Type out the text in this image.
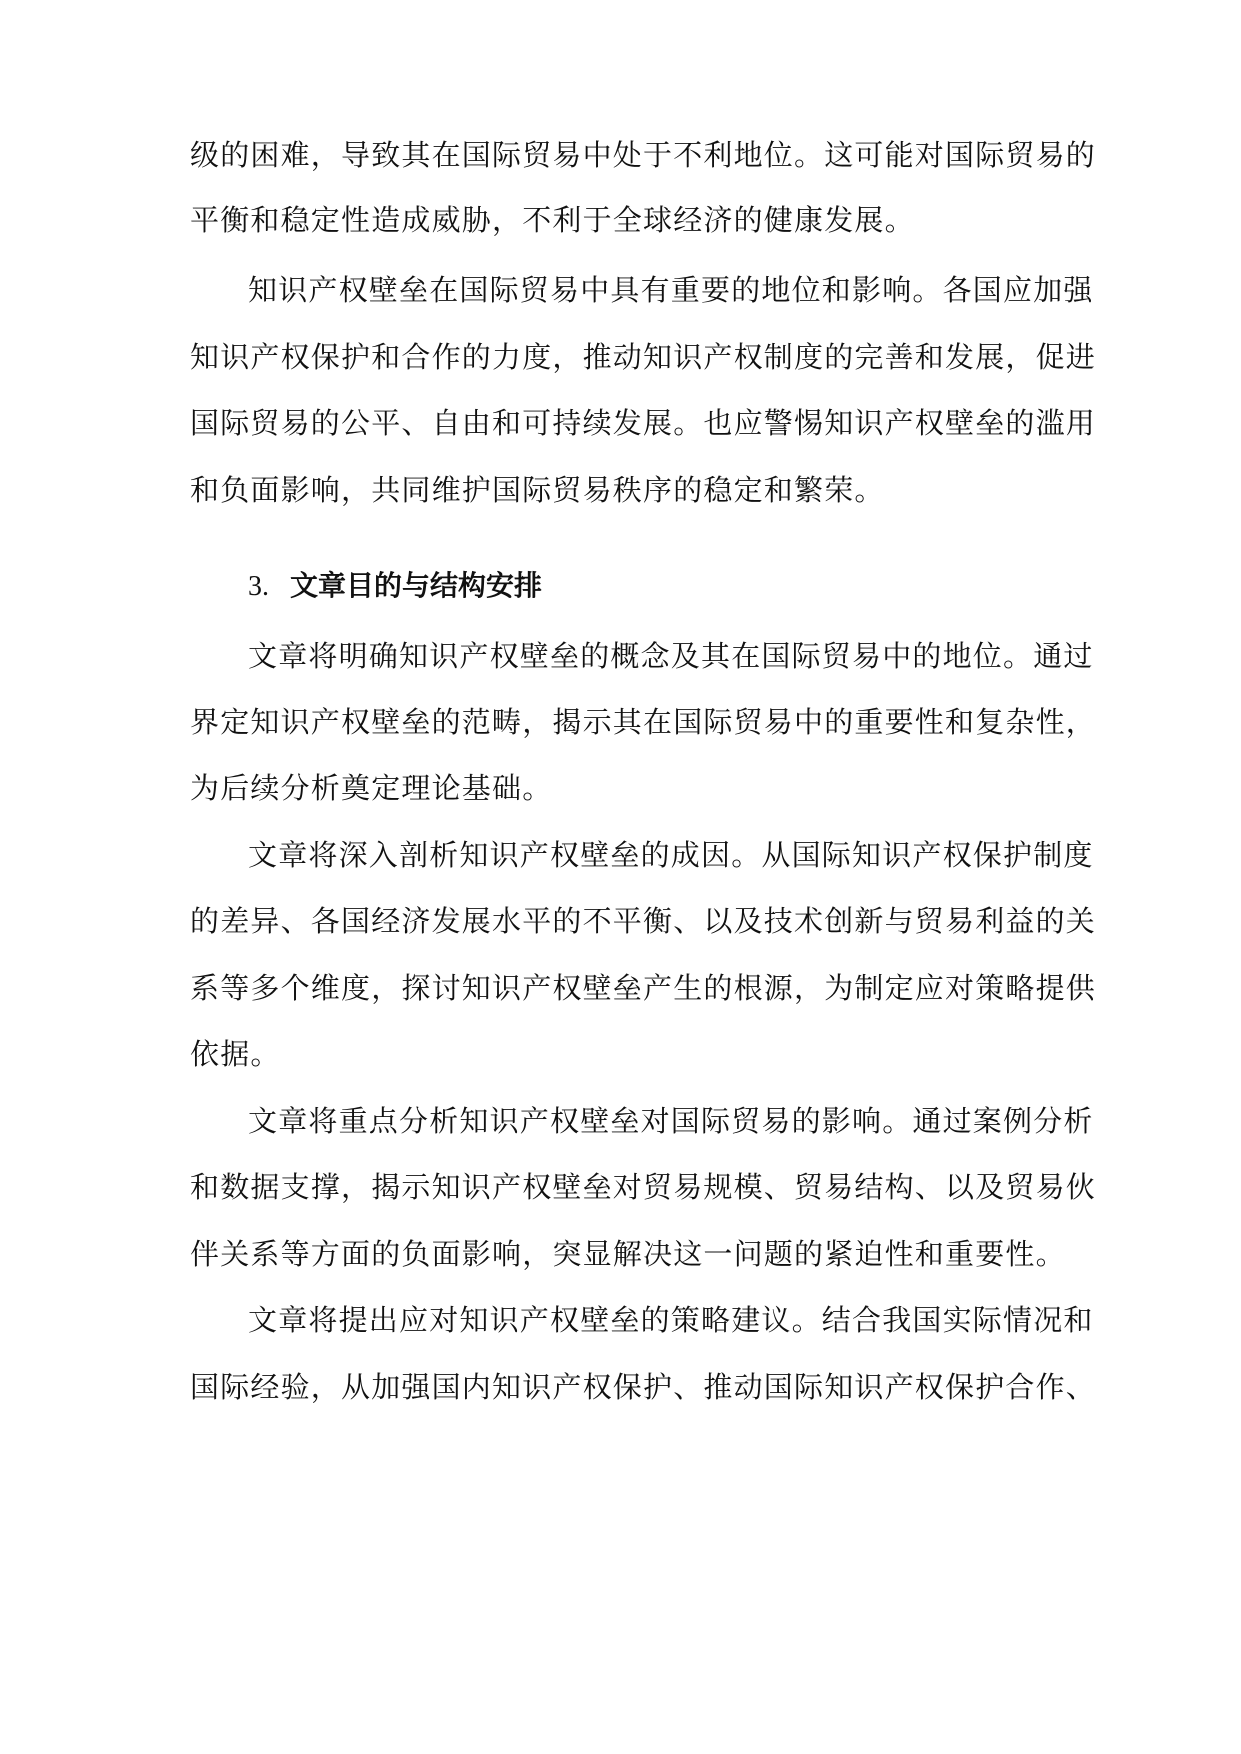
级的困难，导致其在国际贸易中处于不利地位。这可能对国际贸易的
平衡和稳定性造成威胁，不利于全球经济的健康发展。
知识产权壁垒在国际贸易中具有重要的地位和影响。各国应加强
知识产权保护和合作的力度，推动知识产权制度的完善和发展，促进
国际贸易的公平、自由和可持续发展。也应警惕知识产权壁垒的滥用
和负面影响，共同维护国际贸易秩序的稳定和繁荣。
3. 文章目的与结构安排
文章将明确知识产权壁垒的概念及其在国际贸易中的地位。通过
界定知识产权壁垒的范畴，揭示其在国际贸易中的重要性和复杂性，
为后续分析奠定理论基础。
文章将深入剖析知识产权壁垒的成因。从国际知识产权保护制度
的差异、各国经济发展水平的不平衡、以及技术创新与贸易利益的关
系等多个维度，探讨知识产权壁垒产生的根源，为制定应对策略提供
依据。
文章将重点分析知识产权壁垒对国际贸易的影响。通过案例分析
和数据支撑，揭示知识产权壁垒对贸易规模、贸易结构、以及贸易伙
伴关系等方面的负面影响，突显解决这一问题的紧迫性和重要性。
文章将提出应对知识产权壁垒的策略建议。结合我国实际情况和
国际经验，从加强国内知识产权保护、推动国际知识产权保护合作、
